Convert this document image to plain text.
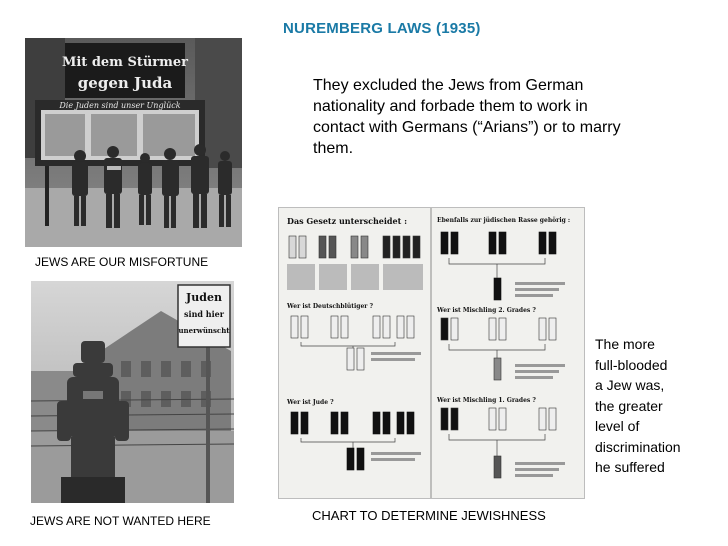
NUREMBERG LAWS (1935)
They excluded the Jews from German nationality and forbade them to work in contact with Germans (“Arians”) or to marry them.
Mit dem Stürmer
gegen Juda
Die Juden sind unser Unglück
JEWS ARE OUR MISFORTUNE
Juden
sind hier
unerwünscht
JEWS ARE NOT WANTED HERE
Das Gesetz unterscheidet :	Ebenfalls zur jüdischen Rasse gehörig :
Wer ist Deutschblütiger ?
Wer ist Jude ?
Wer ist Mischling 2. Grades ?
Wer ist Mischling 1. Grades ?
CHART TO DETERMINE JEWISHNESS
The more
full-blooded
a Jew was,
the greater
level of
discrimination
he suffered
